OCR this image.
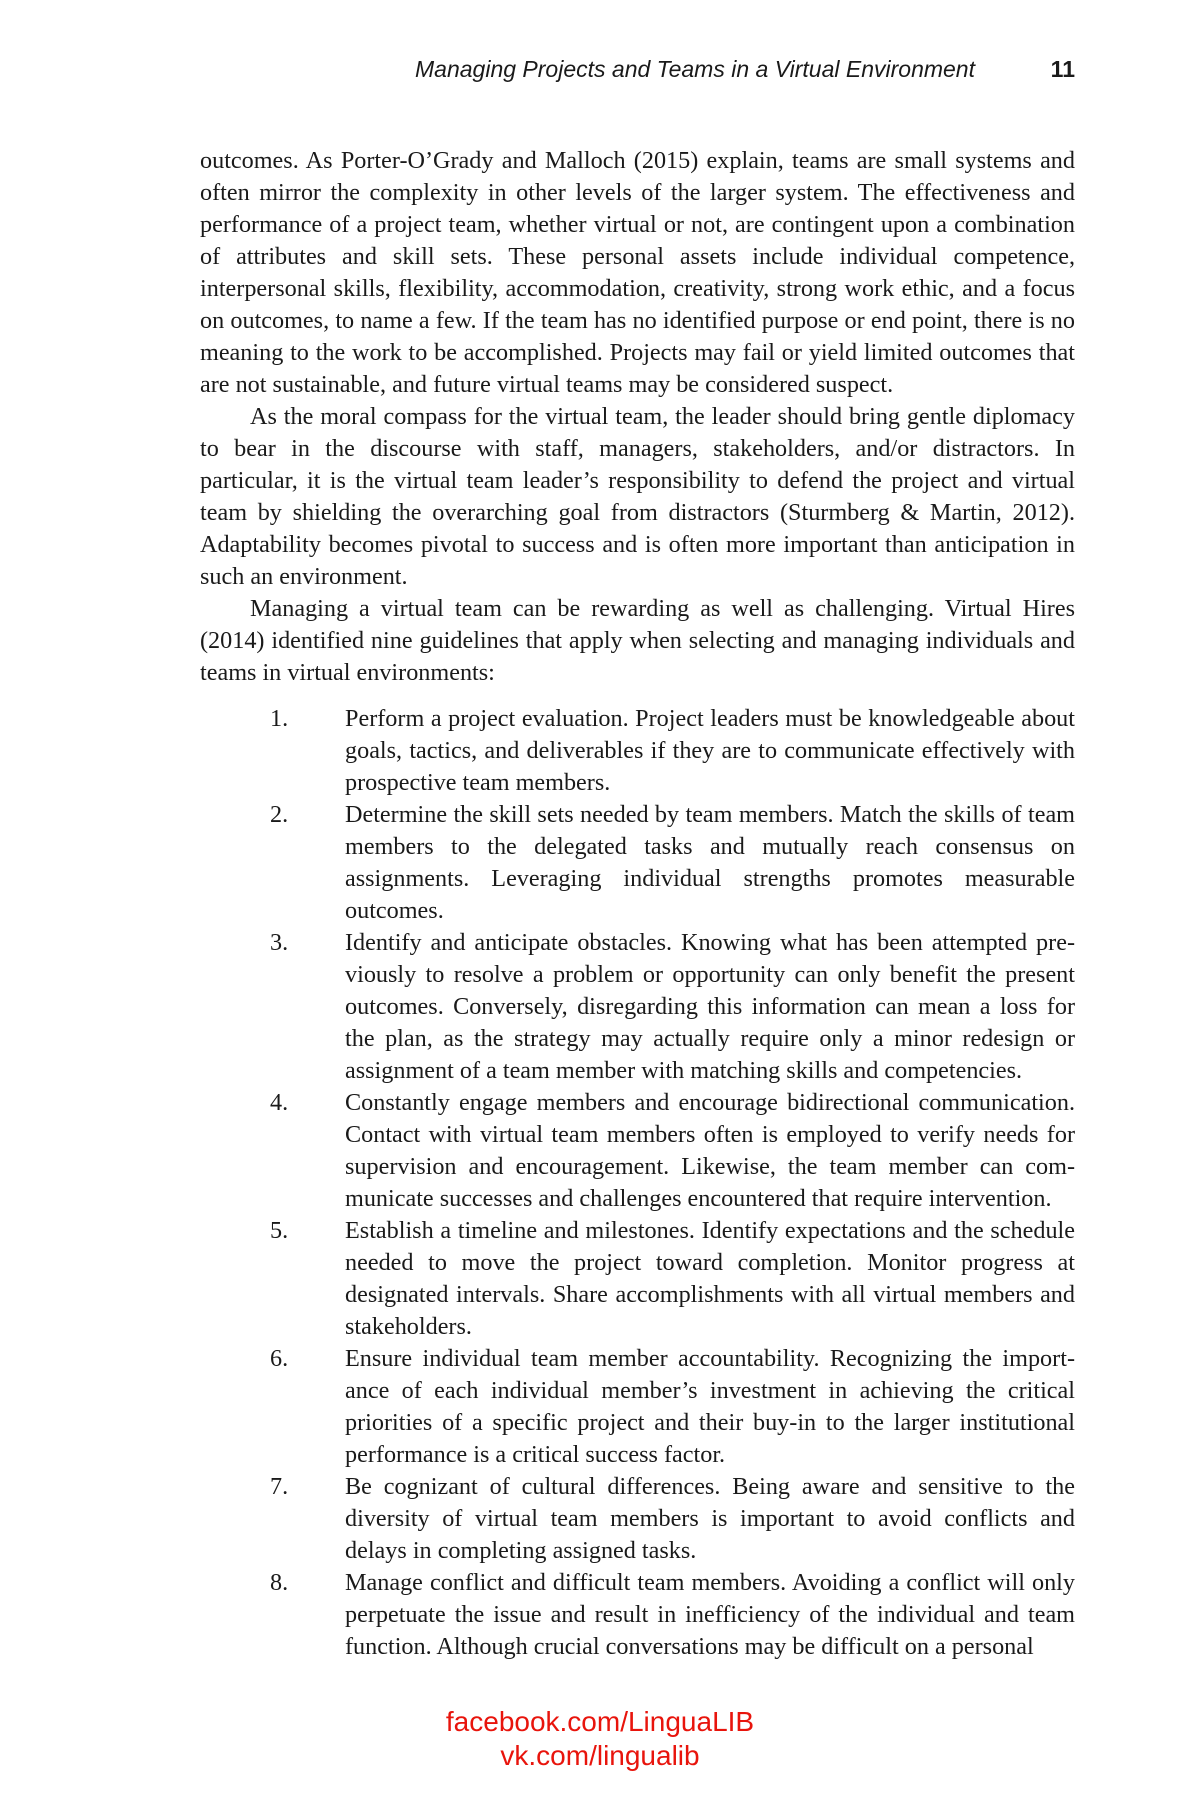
Managing Projects and Teams in a Virtual Environment	11

outcomes. As Porter-O’Grady and Malloch (2015) explain, teams are small systems and often mirror the complexity in other levels of the larger system. The effectiveness and performance of a project team, whether virtual or not, are contingent upon a combination of attributes and skill sets. These personal assets include individual competence, interpersonal skills, flexibility, accommodation, creativity, strong work ethic, and a focus on outcomes, to name a few. If the team has no identified purpose or end point, there is no meaning to the work to be accomplished. Projects may fail or yield limited outcomes that are not sustainable, and future virtual teams may be considered suspect.

As the moral compass for the virtual team, the leader should bring gentle diplomacy to bear in the discourse with staff, managers, stakeholders, and/or distractors. In particular, it is the virtual team leader’s responsibility to defend the project and virtual team by shielding the overarching goal from distractors (Sturmberg & Martin, 2012). Adaptability becomes pivotal to success and is often more important than anticipation in such an environment.

Managing a virtual team can be rewarding as well as challenging. Virtual Hires (2014) identified nine guidelines that apply when selecting and managing individuals and teams in virtual environments:

1.	Perform a project evaluation. Project leaders must be knowledgeable about goals, tactics, and deliverables if they are to communicate effectively with prospective team members.
2.	Determine the skill sets needed by team members. Match the skills of team members to the delegated tasks and mutually reach consensus on assignments. Leveraging individual strengths promotes measurable outcomes.
3.	Identify and anticipate obstacles. Knowing what has been attempted previously to resolve a problem or opportunity can only benefit the present outcomes. Conversely, disregarding this information can mean a loss for the plan, as the strategy may actually require only a minor redesign or assignment of a team member with matching skills and competencies.
4.	Constantly engage members and encourage bidirectional communication. Contact with virtual team members often is employed to verify needs for supervision and encouragement. Likewise, the team member can communicate successes and challenges encountered that require intervention.
5.	Establish a timeline and milestones. Identify expectations and the schedule needed to move the project toward completion. Monitor progress at designated intervals. Share accomplishments with all virtual members and stakeholders.
6.	Ensure individual team member accountability. Recognizing the importance of each individual member’s investment in achieving the critical priorities of a specific project and their buy-in to the larger institutional performance is a critical success factor.
7.	Be cognizant of cultural differences. Being aware and sensitive to the diversity of virtual team members is important to avoid conflicts and delays in completing assigned tasks.
8.	Manage conflict and difficult team members. Avoiding a conflict will only perpetuate the issue and result in inefficiency of the individual and team function. Although crucial conversations may be difficult on a personal
facebook.com/LinguaLIB
vk.com/lingualib
